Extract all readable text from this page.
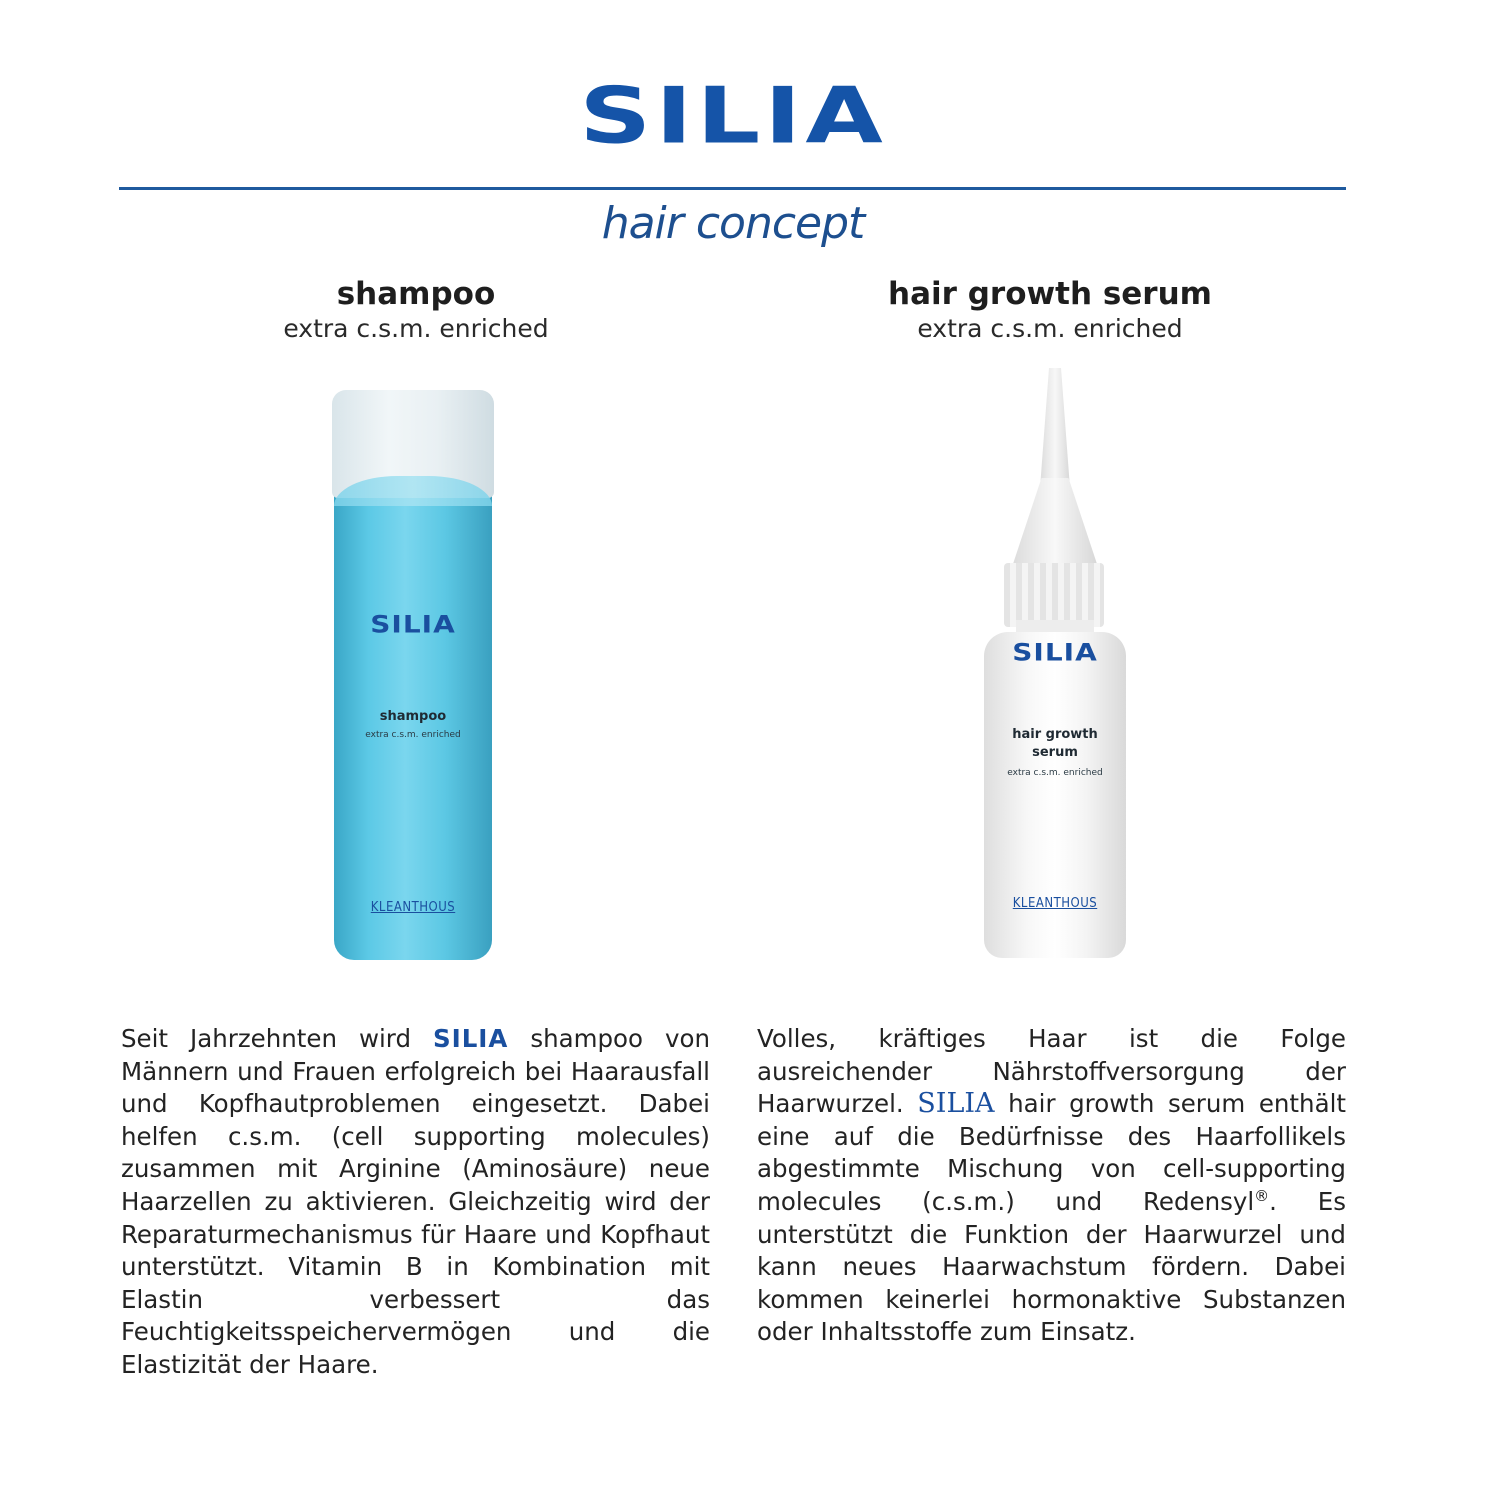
SILIA
hair concept
shampoo
extra c.s.m. enriched
hair growth serum
extra c.s.m. enriched
SILIA
shampoo
extra c.s.m. enriched
KLEANTHOUS
SILIA
hair growth
serum
extra c.s.m. enriched
KLEANTHOUS

Seit Jahrzehnten wird SILIA shampoo von Männern und Frauen erfolgreich bei Haarausfall und Kopfhautproblemen eingesetzt. Dabei helfen c.s.m. (cell supporting molecules) zusammen mit Arginine (Aminosäure) neue Haarzellen zu aktivieren. Gleichzeitig wird der Reparaturmechanismus für Haare und Kopfhaut unterstützt. Vitamin B in Kombination mit Elastin verbessert das Feuchtigkeitsspeichervermögen und die Elastizität der Haare.

Volles, kräftiges Haar ist die Folge ausreichender Nährstoffversorgung der Haarwurzel. SILIA hair growth serum enthält eine auf die Bedürfnisse des Haarfollikels abgestimmte Mischung von cell-supporting molecules (c.s.m.) und Redensyl®. Es unterstützt die Funktion der Haarwurzel und kann neues Haarwachstum fördern. Dabei kommen keinerlei hormonaktive Substanzen oder Inhaltsstoffe zum Einsatz.
